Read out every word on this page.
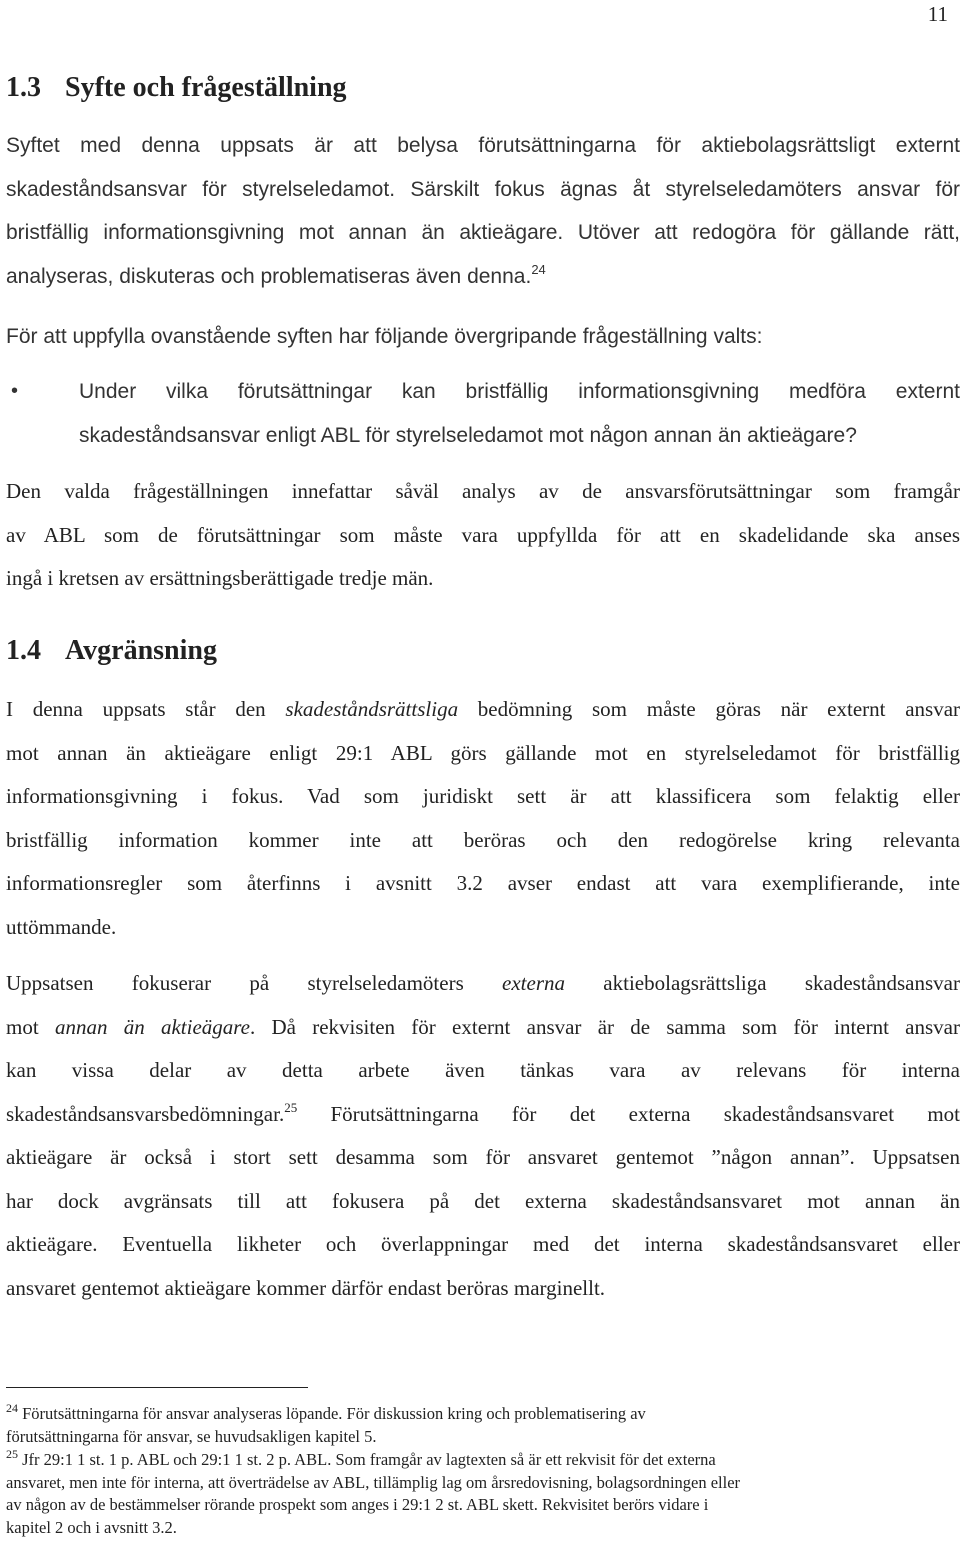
11
1.3 Syfte och frågeställning
Syftet med denna uppsats är att belysa förutsättningarna för aktiebolagsrättsligt externt
skadeståndsansvar för styrelseledamot. Särskilt fokus ägnas åt styrelseledamöters ansvar för
bristfällig informationsgivning mot annan än aktieägare. Utöver att redogöra för gällande rätt,
analyseras, diskuteras och problematiseras även denna.$^{24}$
För att uppfylla ovanstående syften har följande övergripande frågeställning valts:
•	Under vilka förutsättningar kan bristfällig informationsgivning medföra externt
skadeståndsansvar enligt ABL för styrelseledamot mot någon annan än aktieägare?
Den valda frågeställningen innefattar såväl analys av de ansvarsförutsättningar som framgår
av ABL som de förutsättningar som måste vara uppfyllda för att en skadelidande ska anses
ingå i kretsen av ersättningsberättigade tredje män.
1.4 Avgränsning
I denna uppsats står den skadeståndsrättsliga bedömning som måste göras när externt ansvar
mot annan än aktieägare enligt 29:1 ABL görs gällande mot en styrelseledamot för bristfällig
informationsgivning i fokus. Vad som juridiskt sett är att klassificera som felaktig eller
bristfällig information kommer inte att beröras och den redogörelse kring relevanta
informationsregler som återfinns i avsnitt 3.2 avser endast att vara exemplifierande, inte
uttömmande.
Uppsatsen fokuserar på styrelseledamöters externa aktiebolagsrättsliga skadeståndsansvar
mot annan än aktieägare. Då rekvisiten för externt ansvar är de samma som för internt ansvar
kan vissa delar av detta arbete även tänkas vara av relevans för interna
skadeståndsansvarsbedömningar.$^{25}$ Förutsättningarna för det externa skadeståndsansvaret mot
aktieägare är också i stort sett desamma som för ansvaret gentemot ”någon annan”. Uppsatsen
har dock avgränsats till att fokusera på det externa skadeståndsansvaret mot annan än
aktieägare. Eventuella likheter och överlappningar med det interna skadeståndsansvaret eller
ansvaret gentemot aktieägare kommer därför endast beröras marginellt.
$^{24}$ Förutsättningarna för ansvar analyseras löpande. För diskussion kring och problematisering av
förutsättningarna för ansvar, se huvudsakligen kapitel 5.
$^{25}$ Jfr 29:1 1 st. 1 p. ABL och 29:1 1 st. 2 p. ABL. Som framgår av lagtexten så är ett rekvisit för det externa
ansvaret, men inte för interna, att överträdelse av ABL, tillämplig lag om årsredovisning, bolagsordningen eller
av någon av de bestämmelser rörande prospekt som anges i 29:1 2 st. ABL skett. Rekvisitet berörs vidare i
kapitel 2 och i avsnitt 3.2.
